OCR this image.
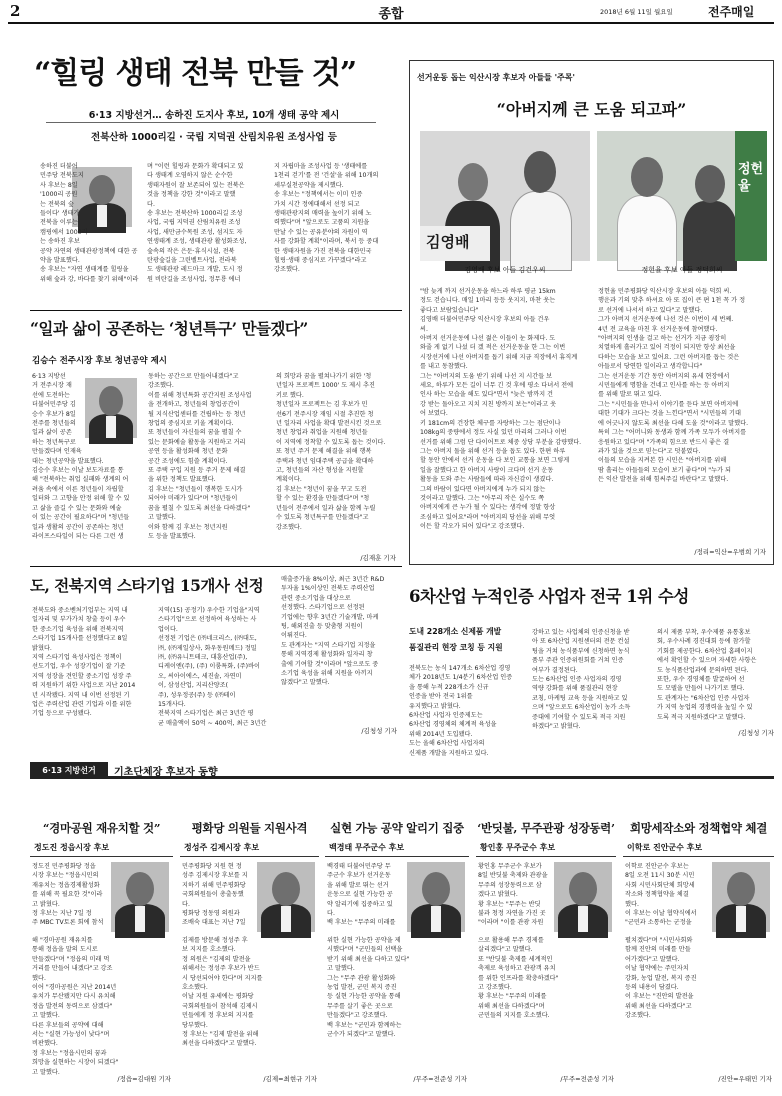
2	종합	2018년 6월 11일 월요일	전주매일
“힐링 생태 전북 만들 것”
6·13 지방선거… 송하진 도지사 후보, 10개 생태 공약 제시
전북산하 1000리길 · 국립 지덕권 산림치유원 조성사업 등
송하진 더불어
민주당 전북도지
사 후보는 8일
'1000리 공원
는 전북의 숲
들이다' 생태가
전북을 이루는
캠핑에서 1000리
는 송하진 후보
공약 자연의 생태관광정책에 대한 공
약을 발표했다.
송 후보는 "자연 생태계를 힐링을
위해 숲과 강, 바다를 찾기 위해"이라
며 "이런 힐링과 문화가 확대되고 있
다 생태계 오염하지 않은 순수한
생태자원이 잘 보존되어 있는 전북은
것을 정책을 강한 것"이라고 말했
다.
송 후보는 전북산하 1000리길 조성
사업, 국립 지덕권 산림치유원 조성
사업, 새만금수목원 조성, 섬지도 자
연생태계 조성, 생태관광 활성화조성,
숲속의 작은 은둔·휴식시설, 전북
탄광숲길을 그린벨트사업, 전라북
도 생태관광 레드마크 개발, 도시 정
원 비탄길을 조성사업, 정무룡 에너
지 자립마을 조성사업 등 '생태에를
1천리 걷기'를 전 '건설'을 위해 10개의
세부실천공약을 제시했다.
송 후보는 "정책에서는 이미 인증
가치 시간 정에대해서 선정 되고
생태관광지의 매력을 높이기 위해 노
력했다"며 "앞으로도 고품의 지원을
만날 수 있는 공유분야의 자원이 역
사를 강화할 계획"이라며, 북서 등 중대
한 생태자원을 가진 전북을 대한민국
힐링·생태 중심지로 가꾸겠다"라고
강조했다.
“일과 삶이 공존하는 ‘청년특구’ 만들겠다”
김승수 전주시장 후보 청년공약 제시
6·13 지방선
거 전주시장 재
선에 도전하는
더불어민주당 김
승수 후보가 8일
전주를 청년들의
일과 삶이 공존
하는 청년특구로
만들겠다며 인재육
대는 청년공약을 발표했다.
김승수 후보는 이날 보도자료를 통
해 "전북하는 취업 실패와 생계의 어
려움 속에서 이른 청년들이 자립할
일터와 그 고향을 안정 위해 할 수 있
고 삶을 즐길 수 있는 문화와 예술
이 있는 공간이 필요하다"며 "청년들
일과 생활의 공간이 공존하는 청년
라이프스타일이 되는 다른 그런 생
동하는 공간으로 만들어내겠다"고
강조했다.
이를 위해 청년특화 공간지원 조성사업
을 전개하고, 청년들의 창업공간이
될 지식산업센터를 건립하는 등 청년
창업의 중심지로 키울 계획이다.
또 청년들이 자신들의 꿈을 펼칠 수
있는 문화예술 활동을 지원하고 거리
공연 등을 활성화해 청년 문화
공간 조성에도 힘쓸 계획이다.
또 주택 구입 지원 등 주거 문제 해결
을 위한 정책도 발표했다.
김 후보는 "청년들이 행복한 도시가
되어야 미래가 있다"며 "청년들이
꿈을 펼칠 수 있도록 최선을 다하겠다"
고 말했다.
이와 함께 김 후보는 청년지원
도 등을 발표했다.
의 희망과 꿈을 펼쳐나가기 위한 '청
년일자 프로젝트 1000' 도 제시 추진
키로 했다.
청년일자 프로젝트는 김 후보가 민
선6기 전주시장 재임 시절 추진한 청
년 일자리 사업을 확대 발전시킨 것으로
청년 창업과 취업을 지원해 청년들
이 지역에 정착할 수 있도록 돕는 것이다.
또 청년 주거 문제 해결을 위해 행복
주택과 청년 임대주택 공급을 확대하
고, 청년들의 자산 형성을 지원할
계획이다.
김 후보는 "청년이 꿈을 꾸고 도전
할 수 있는 환경을 만들겠다"며 "청
년들이 전주에서 일과 삶을 함께 누릴
수 있도록 청년특구를 만들겠다"고
강조했다.
/김재훈 기자
도, 전북지역 스타기업 15개사 선정
전북도와 중소벤처기업부는 지역 내
일자리 및 부가가치 창출 등이 우수
한 중소기업 육성을 위해 전북지역
스타기업 15개사를 선정했다고 8일
밝혔다.
지역 스타기업 육성사업은 정책이
선도기업, 우수 성장기업이 잘 기준
지역 성장을 견인할 중소기업 성장 주
력 지원하기 위한 사업으로 지난 2014
년 시작됐다. 지역 내 이번 선정된 기
업은 주력산업 관련 기업과 이를 위한
기업 등으로 구성됐다.
지역(15) 공정기) 우수한 기업을"지역
스타기업"으로 선정하여 육성하는 사
업이다.
선정된 기업은 (㈜네크리스, (㈜대도,
㈜, (㈜제일상사, 화우동원메드) 정밀
㈜, (㈜유니트테크, 대흥산업(주),
디케이엔(주), (주) 이룸특화, (주)바이
오, 씨아이에스, 세진솔, 자연미
이, 삼성산업, 지리산양조(
주), 성우정공(주) 등 (㈜테이
15개사다.
전북지역 스타기업은 최근 3년간 평
균 매출액이 50억 ~ 400억, 최근 3년간
매출증가율 8%이상, 최근 3년간 R&D
투자율 1%이상인 전북도 주력산업
관련 중소기업을 대상으로
선정했다. 스타기업으로 선정된
기업에는 향후 3년간 기술개발, 마케
팅, 해외진출 등 맞춤형 지원이
이뤄진다.
도 관계자는 "지역 스타기업 지정을
통해 지역경제 활성화와 일자리 창
출에 기여할 것"이라며 "앞으로도 중
소기업 육성을 위해 지원을 아끼지
않겠다"고 말했다.
/김청성 기자
선거운동 돕는 익산시장 후보자 아들들 '주목'
“아버지께 큰 도움 되고파”
김영배
정헌율
김영배 후보 아들 김건우씨	정헌율 후보 아들 정덕희씨
"밤 늦게 까지 선거운동을 하느라 하루 평균 15km
정도 걷습니다. 매일 1마리 등등 웃지지, 마찬 웃는
좋다고 보람있습니다"
김영배 더불어민주당 익산시장 후보의 아들 건우
씨.
아버지 선거운동에 나선 젊은 이들이 눈 화제다. 도
와줄 게 없기 나섰 더 겠 적은 선거운동을 한 그는 이번
시장선거에 나선 아버지를 돕기 위해 지금 직장에서 휴직계
를 내고 동참했다.
그는 "아버지의 도움 받기 위해 나선 지 시간들 보
세요, 하루가 모든 길이 너무 긴 것 후에 평소 다녀서 전에
인사 하는 모습을 해도 있다"면서 "늦은 밤까지 건
강 받는 돌아오고 지치 지친 방까지 보는"이라고 웃
어 보였다.
키 181cm의 건장한 체구를 자랑하는 그는 점단이나
108kg의 중량에서 정도 사실 있던 마리의 그러나 이번
선거를 위해 그럼 단 다이어트로 체중 상당 부분을 감량했다.
그는 아버지 돌을 위해 선거 등을 돕도 있다. 한편 하루
할 동안 안에서 선거 운동을 다 보인 교통을 보면 그렇게
일을 잘했다고 한 아버지 사랑이 크다며 선거 운동
활동을 도와 주는 사람들에 따라 자신감이 생겼다.
그의 바람이 있다면 아버지에게 누가 되지 않는
것이라고 말했다. 그는 "아무리 작은 실수도 쪽
아버지에게 큰 누가 될 수 있다는 생각에 정말 항상
조심하고 있어요"라며 "아버지의 당선을 위해 무엇
이든 할 각오가 되어 있다"고 강조했다.
정헌율 민주평화당 익산시장 후보의 아들 덕희 씨.
행운과 기의 맞추 하셔요 아 또 집이 큰 편 1천 꼭 가 정
로 선거에 나서서 하고 있다"고 말했다.
그가 아버지 선거운동에 나선 것은 이번이 세 번째.
4년 전 교육을 마친 후 선거운동에 참여했다.
"아버지의 인생을 걸고 하는 선거가 지금 굉장히
치열하게 흘러가고 있어 걱정이 되지만 항상 최선을
다하는 모습을 보고 있어요. 그런 아버지를 돕는 것은
아들로서 당연한 일이라고 생각합니다"
그는 선거운동 기간 동안 아버지의 유세 현장에서
시민들에게 명함을 건네고 인사를 하는 등 아버지
를 위해 발로 뛰고 있다.
그는 "시민들을 만나서 이야기를 듣다 보면 아버지에
대한 기대가 크다는 것을 느낀다"면서 "시민들의 기대
에 어긋나지 않도록 최선을 다해 도울 것"이라고 말했다.
특히 그는 "어머니와 동생과 함께 가족 모두가 아버지를
응원하고 있다"며 "가족의 힘으로 반드시 좋은 결
과가 있을 것으로 믿는다"고 덧붙였다.
이들의 모습을 지켜본 한 시민은 "아버지를 위해
땀 흘리는 아들들의 모습이 보기 좋다"며 "누가 되
든 익산 발전을 위해 힘써주길 바란다"고 말했다.
/정리=익산=우범희 기자
6차산업 누적인증 사업자 전국 1위 수성
도내 228개소 신제품 개발
품질관리 현장 코칭 등 지원
전북도는 농식 147개소 6차산업 경영
체가 2018년도 1/4분기 6차산업 인증
을 통해 누적 228개소가 신규
인증을 받아 전국 1위를
유지했다고 밝혔다.
6차산업 사업자 인증제도는
6차산업 경영체의 체계적 육성을
위해 2014년 도입됐다.
도는 올해 6차산업 사업자의
신제품 개발을 지원하고 있다.
강하고 있는 사업체의 인증신청을 받
아 또 6차산업 지원센터의 전문 컨설
팅을 거쳐 농식품부에 신청하면 농식
품부 주관 인증위원회를 거쳐 인증
여부가 결정된다.
도는 6차산업 인증 사업자의 경영
역량 강화를 위해 품질관리 현장
코칭, 마케팅 교육 등을 지원하고 있
으며 "앞으로도 6차산업이 농가 소득
증대에 기여할 수 있도록 적극 지원
하겠다"고 밝혔다.
의시 제품 부착, 우수제품 유통홍보
회, 우수사례 경진대회 등에 참가할
기회를 제공한다. 6차산업 홈페이지
에서 확인할 수 있으며 자세한 사항은
도 농식품산업과에 문의하면 된다.
또한, 우수 경영체를 발굴하여 선
도 모델을 만들어 나가기로 했다.
도 관계자는 "6차산업 인증 사업자
가 지역 농업의 경쟁력을 높일 수 있
도록 적극 지원하겠다"고 말했다.
/김청성 기자
6·13 지방선거	기초단체장 후보자 동향
“경마공원 재유치할 것”
정도진 정읍시장 후보
정도진 민주평화당 정읍
시장 후보는 "정읍시민의
재유치는 정읍경제활성화
를 위해 꼭 필요한 것"이라
고 밝혔다.
정 후보는 지난 7일 정
주 MBC TV토론 회에 참석
해 "경마공원 재유치를
통해 정읍을 말의 도시로
만들겠다"며 "정읍의 미래 먹
거리를 만들어 내겠다"고 강조
했다.
이어 "경마공원은 지난 2014년
유치가 무산됐지만 다시 유치해
정읍 발전의 동력으로 삼겠다"
고 말했다.
다른 후보들의 공약에 대해
서는 "실현 가능성이 낮다"며
비판했다.
정 후보는 "정읍시민의 꿈과
희망을 실현하는 시장이 되겠다"
고 말했다.
/정읍=김대원 기자
평화당 의원들 지원사격
정성주 김제시장 후보
민주평화당 지원 현 정
성주 김제시장 후보를 지
지하기 위해 민주평화당
국회의원들이 총출동했
다.
평화당 정동영 의원과
조배숙 대표는 지난 7일
김제를 방문해 정성주 후
보 지지를 호소했다.
정 의원은 "김제의 발전을
위해서는 정성주 후보가 반드
시 당선되어야 한다"며 지지를
호소했다.
이날 지원 유세에는 평화당
국회의원들이 참석해 김제시
민들에게 정 후보의 지지를
당부했다.
정 후보는 "김제 발전을 위해
최선을 다하겠다"고 말했다.
/김제=최현규 기자
실현 가능 공약 알리기 집중
백경태 무주군수 후보
백경태 더불어민주당 무
주군수 후보가 선거운동
을 위해 발로 뛰는 선거
운동으로 실현 가능한 공
약 알리기에 집중하고 있
다.
백 후보는 "무주의 미래를
위한 실현 가능한 공약을 제
시했다"며 "군민들의 선택을
받기 위해 최선을 다하고 있다"
고 말했다.
그는 "무주 관광 활성화와
농업 발전, 군민 복지 증진
등 실현 가능한 공약을 통해
무주를 살기 좋은 곳으로
만들겠다"고 강조했다.
백 후보는 "군민과 함께하는
군수가 되겠다"고 말했다.
/무주=전준성 기자
‘반딧불, 무주관광 성장동력’
황인홍 무주군수 후보
황인홍 무주군수 후보가
8일 반딧불 축제와 관광을
무주의 성장동력으로 삼
겠다고 밝혔다.
황 후보는 "무주는 반딧
불과 청정 자연을 가진 곳
"이라며 "이를 관광 자원
으로 활용해 무주 경제를
살리겠다"고 말했다.
또 "반딧불 축제를 세계적인
축제로 육성하고 관광객 유치
를 위한 인프라를 확충하겠다"
고 강조했다.
황 후보는 "무주의 미래를
위해 최선을 다하겠다"며
군민들의 지지를 호소했다.
/무주=전준성 기자
희망세작소와 정책협약 체결
이학로 진안군수 후보
이학로 진안군수 후보는
8일 오전 11시 30분 시민
사회 시민사회단체 희망세
작소와 정책협약을 체결
했다.
이 후보는 이날 협약식에서
"군민과 소통하는 군정을
펼치겠다"며 "시민사회와
함께 진안의 미래를 만들
어가겠다"고 말했다.
이날 협약에는 주민자치
강화, 농업 발전, 복지 증진
등의 내용이 담겼다.
이 후보는 "진안의 발전을
위해 최선을 다하겠다"고
강조했다.
/진안=우태민 기자
